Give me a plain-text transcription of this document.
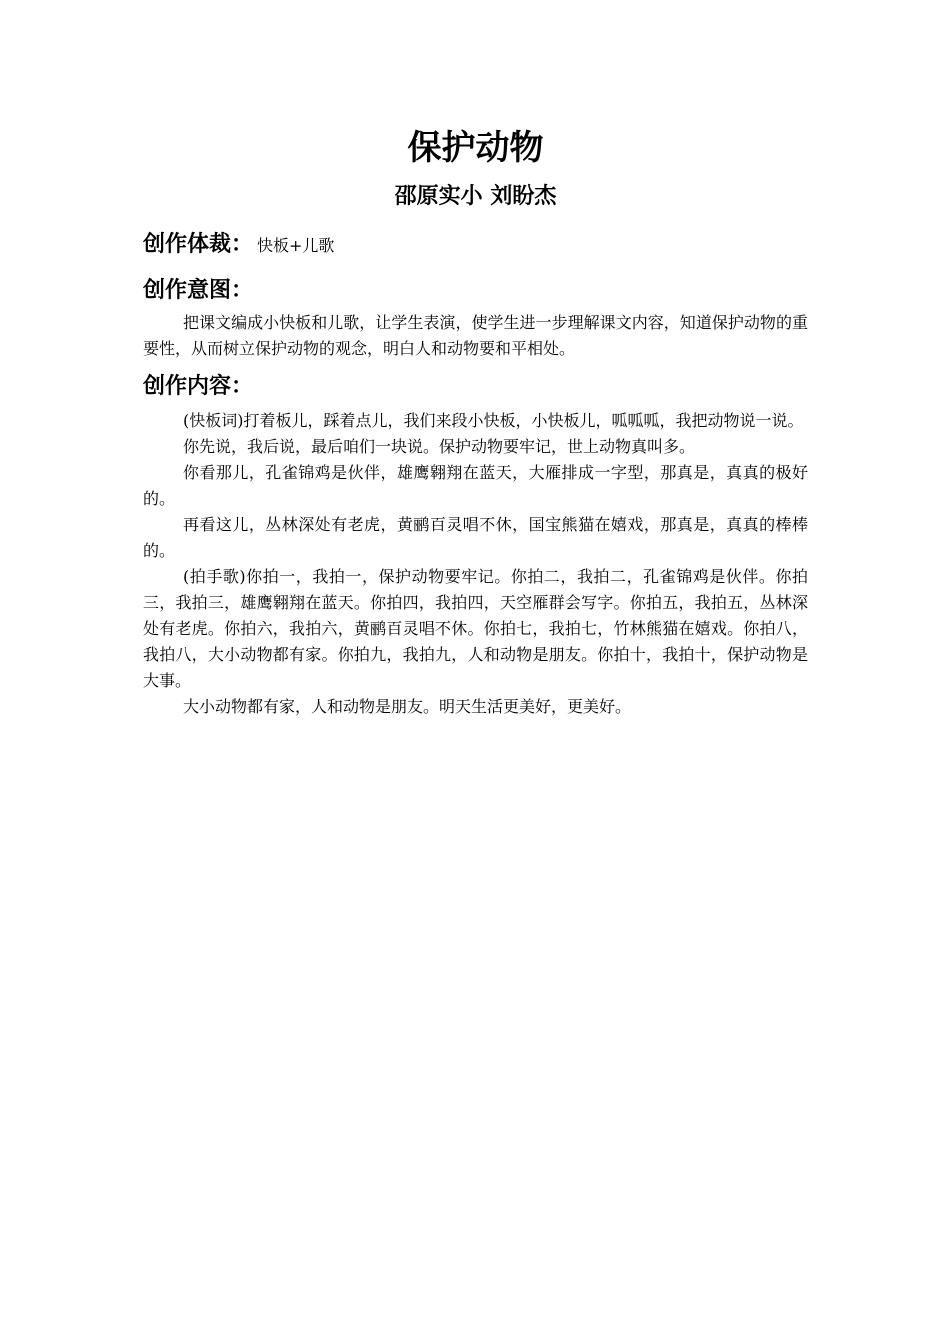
保护动物
邵原实小 刘盼杰
创作体裁： 快板+儿歌
创作意图：

把课文编成小快板和儿歌，让学生表演，使学生进一步理解课文内容，知道保护动物的重要性，从而树立保护动物的观念，明白人和动物要和平相处。

创作内容：

(快板词)打着板儿，踩着点儿，我们来段小快板，小快板儿，呱呱呱，我把动物说一说。

你先说，我后说，最后咱们一块说。保护动物要牢记，世上动物真叫多。

你看那儿，孔雀锦鸡是伙伴，雄鹰翱翔在蓝天，大雁排成一字型，那真是，真真的极好的。

再看这儿，丛林深处有老虎，黄鹂百灵唱不休，国宝熊猫在嬉戏，那真是，真真的棒棒的。

(拍手歌)你拍一，我拍一，保护动物要牢记。你拍二，我拍二，孔雀锦鸡是伙伴。你拍三，我拍三，雄鹰翱翔在蓝天。你拍四，我拍四，天空雁群会写字。你拍五，我拍五，丛林深处有老虎。你拍六，我拍六，黄鹂百灵唱不休。你拍七，我拍七，竹林熊猫在嬉戏。你拍八，我拍八，大小动物都有家。你拍九，我拍九，人和动物是朋友。你拍十，我拍十，保护动物是大事。

大小动物都有家，人和动物是朋友。明天生活更美好，更美好。
